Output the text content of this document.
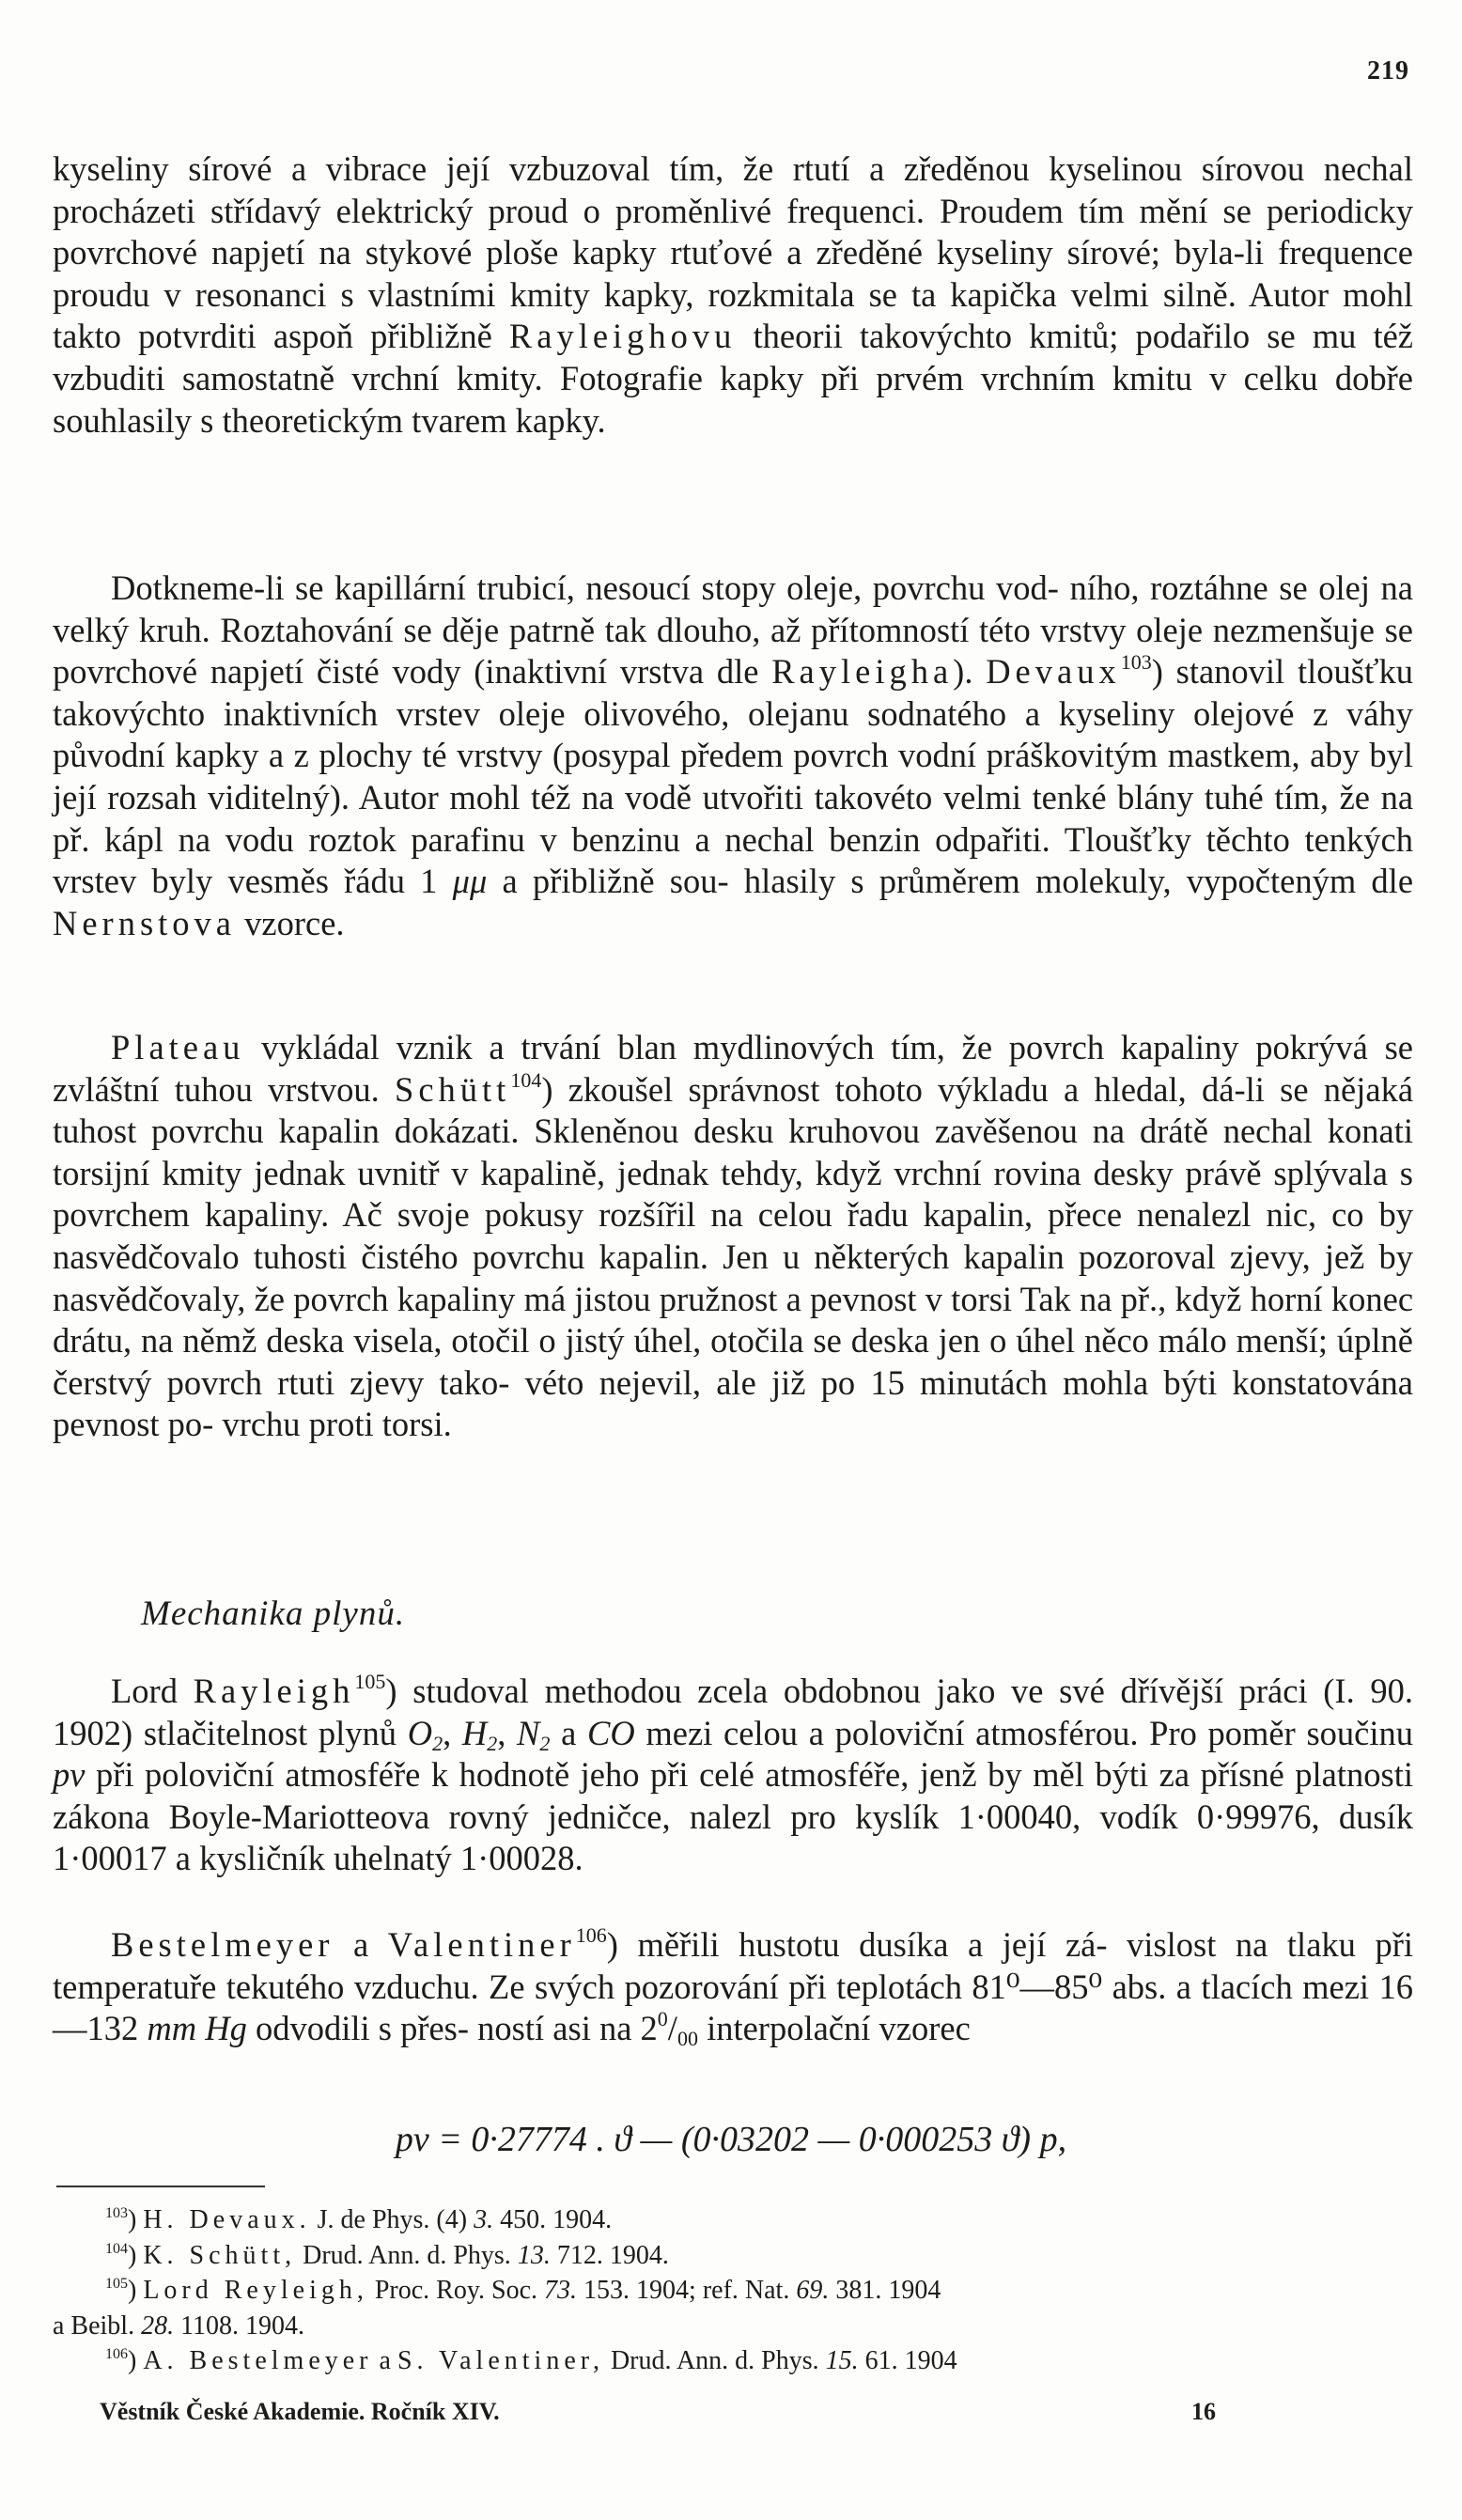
219

kyseliny sírové a vibrace její vzbuzoval tím, že rtutí a zředěnou kyselinou sírovou nechal procházeti střídavý elektrický proud o proměnlivé frequenci. Proudem tím mění se periodicky povrchové napjetí na stykové ploše kapky rtuťové a zředěné kyseliny sírové; byla-li frequence proudu v resonanci s vlastními kmity kapky, rozkmitala se ta kapička velmi silně. Autor mohl takto potvrditi aspoň přibližně Rayleighovu theorii takovýchto kmitů; podařilo se mu též vzbuditi samostatně vrchní kmity. Fotografie kapky při prvém vrchním kmitu v celku dobře souhlasily s theoretickým tvarem kapky.

Dotkneme-li se kapillární trubicí, nesoucí stopy oleje, povrchu vod- ního, roztáhne se olej na velký kruh. Roztahování se děje patrně tak dlouho, až přítomností této vrstvy oleje nezmenšuje se povrchové napjetí čisté vody (inaktivní vrstva dle Rayleigha). Devaux$^{103}$) stanovil tloušťku takovýchto inaktivních vrstev oleje olivového, olejanu sodnatého a kyseliny olejové z váhy původní kapky a z plochy té vrstvy (posypal předem povrch vodní práškovitým mastkem, aby byl její rozsah viditelný). Autor mohl též na vodě utvořiti takovéto velmi tenké blány tuhé tím, že na př. kápl na vodu roztok parafinu v benzinu a nechal benzin odpařiti. Tloušťky těchto tenkých vrstev byly vesměs řádu 1 μμ a přibližně sou- hlasily s průměrem molekuly, vypočteným dle Nernstova vzorce.

Plateau vykládal vznik a trvání blan mydlinových tím, že povrch kapaliny pokrývá se zvláštní tuhou vrstvou. Schütt$^{104}$) zkoušel správnost tohoto výkladu a hledal, dá-li se nějaká tuhost povrchu kapalin dokázati. Skleněnou desku kruhovou zavěšenou na drátě nechal konati torsijní kmity jednak uvnitř v kapalině, jednak tehdy, když vrchní rovina desky právě splývala s povrchem kapaliny. Ač svoje pokusy rozšířil na celou řadu kapalin, přece nenalezl nic, co by nasvědčovalo tuhosti čistého povrchu kapalin. Jen u některých kapalin pozoroval zjevy, jež by nasvědčovaly, že povrch kapaliny má jistou pružnost a pevnost v torsi Tak na př., když horní konec drátu, na němž deska visela, otočil o jistý úhel, otočila se deska jen o úhel něco málo menší; úplně čerstvý povrch rtuti zjevy tako- véto nejevil, ale již po 15 minutách mohla býti konstatována pevnost po- vrchu proti torsi.

Mechanika plynů.

Lord Rayleigh$^{105}$) studoval methodou zcela obdobnou jako ve své dřívější práci (I. 90. 1902) stlačitelnost plynů $O_2$, $H_2$, $N_2$ a CO mezi celou a poloviční atmosférou. Pro poměr součinu pv při poloviční atmosféře k hodnotě jeho při celé atmosféře, jenž by měl býti za přísné platnosti zákona Boyle-Mariotteova rovný jedničce, nalezl pro kyslík 1·00040, vodík 0·99976, dusík 1·00017 a kysličník uhelnatý 1·00028.

Bestelmeyer a Valentiner$^{106}$) měřili hustotu dusíka a její zá- vislost na tlaku při temperatuře tekutého vzduchu. Ze svých pozorování při teplotách 81⁰—85⁰ abs. a tlacích mezi 16—132 mm Hg odvodili s přes- ností asi na $2^0/_{00}$ interpolační vzorec

pv = 0·27774 . ϑ — (0·03202 — 0·000253 ϑ) p,
$^{103}$) H. Devaux. J. de Phys. (4) 3. 450. 1904.
$^{104}$) K. Schütt, Drud. Ann. d. Phys. 13. 712. 1904.
$^{105}$) Lord Reyleigh, Proc. Roy. Soc. 73. 153. 1904; ref. Nat. 69. 381. 1904
a Beibl. 28. 1108. 1904.
$^{106}$) A. Bestelmeyer a S. Valentiner, Drud. Ann. d. Phys. 15. 61. 1904
Věstník České Akademie. Ročník XIV.	16
